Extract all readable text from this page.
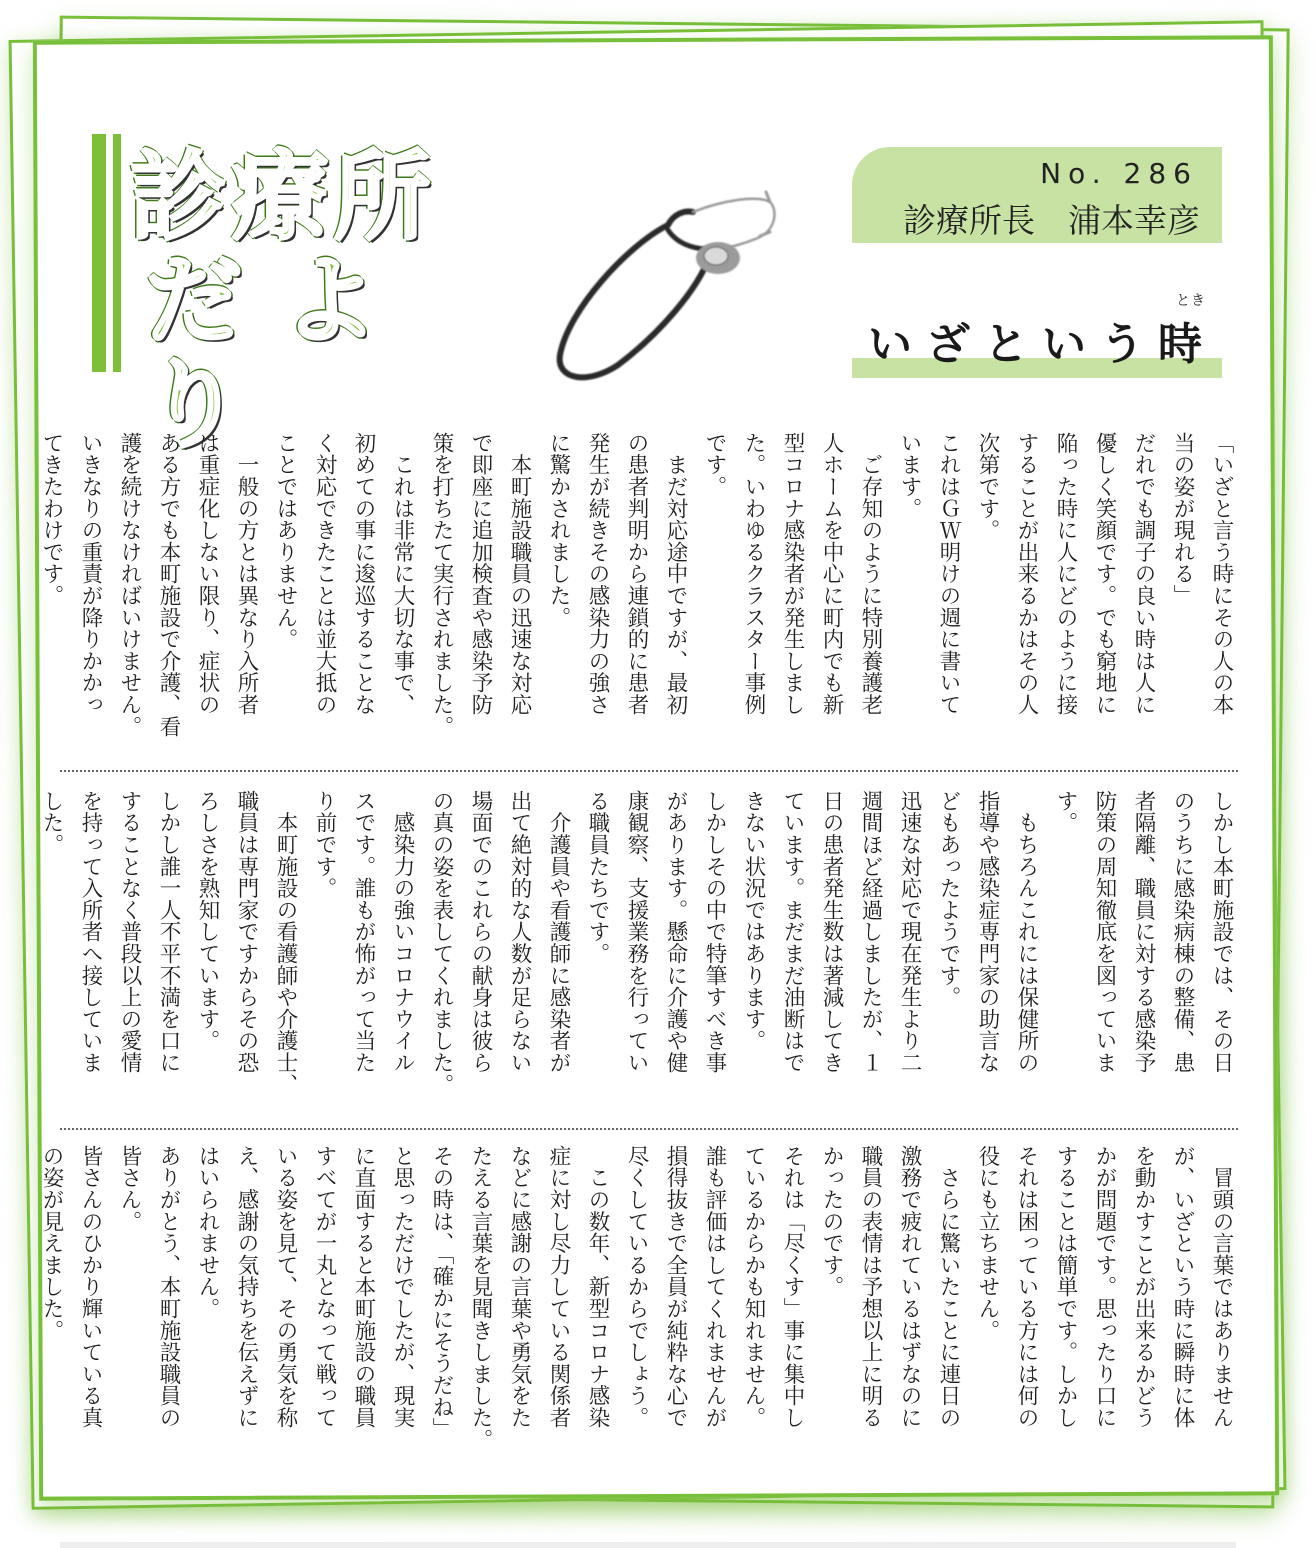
診療所
だより
No. 286
診療所長　浦本幸彦
とき
いざという時
「いざと言う時にその人の本
当の姿が現れる」
だれでも調子の良い時は人に
優しく笑顔です。でも窮地に
陥った時に人にどのように接
することが出来るかはその人
次第です。
これはＧＷ明けの週に書いて
います。
　ご存知のように特別養護老
人ホームを中心に町内でも新
型コロナ感染者が発生しまし
た。いわゆるクラスター事例
です。
　まだ対応途中ですが、最初
の患者判明から連鎖的に患者
発生が続きその感染力の強さ
に驚かされました。
　本町施設職員の迅速な対応
で即座に追加検査や感染予防
策を打ちたて実行されました。
　これは非常に大切な事で、
初めての事に逡巡することな
く対応できたことは並大抵の
ことではありません。
　一般の方とは異なり入所者
は重症化しない限り、症状の
ある方でも本町施設で介護、看
護を続けなければいけません。
いきなりの重責が降りかかっ
てきたわけです。
しかし本町施設では、その日
のうちに感染病棟の整備、患
者隔離、職員に対する感染予
防策の周知徹底を図っていま
す。
　もちろんこれには保健所の
指導や感染症専門家の助言な
どもあったようです。
迅速な対応で現在発生より二
週間ほど経過しましたが、１
日の患者発生数は著減してき
ています。まだまだ油断はで
きない状況ではあります。
しかしその中で特筆すべき事
があります。懸命に介護や健
康観察、支援業務を行ってい
る職員たちです。
　介護員や看護師に感染者が
出て絶対的な人数が足らない
場面でのこれらの献身は彼ら
の真の姿を表してくれました。
　感染力の強いコロナウイル
スです。誰もが怖がって当た
り前です。
　本町施設の看護師や介護士、
職員は専門家ですからその恐
ろしさを熟知しています。
しかし誰一人不平不満を口に
することなく普段以上の愛情
を持って入所者へ接していま
した。
　冒頭の言葉ではありません
が、いざという時に瞬時に体
を動かすことが出来るかどう
かが問題です。思ったり口に
することは簡単です。しかし
それは困っている方には何の
役にも立ちません。
　さらに驚いたことに連日の
激務で疲れているはずなのに
職員の表情は予想以上に明る
かったのです。
それは「尽くす」事に集中し
ているからかも知れません。
誰も評価はしてくれませんが
損得抜きで全員が純粋な心で
尽くしているからでしょう。
　この数年、新型コロナ感染
症に対し尽力している関係者
などに感謝の言葉や勇気をた
たえる言葉を見聞きしました。
その時は、「確かにそうだね」
と思っただけでしたが、現実
に直面すると本町施設の職員
すべてが一丸となって戦って
いる姿を見て、その勇気を称
え、感謝の気持ちを伝えずに
はいられません。
ありがとう、本町施設職員の
皆さん。
皆さんのひかり輝いている真
の姿が見えました。
